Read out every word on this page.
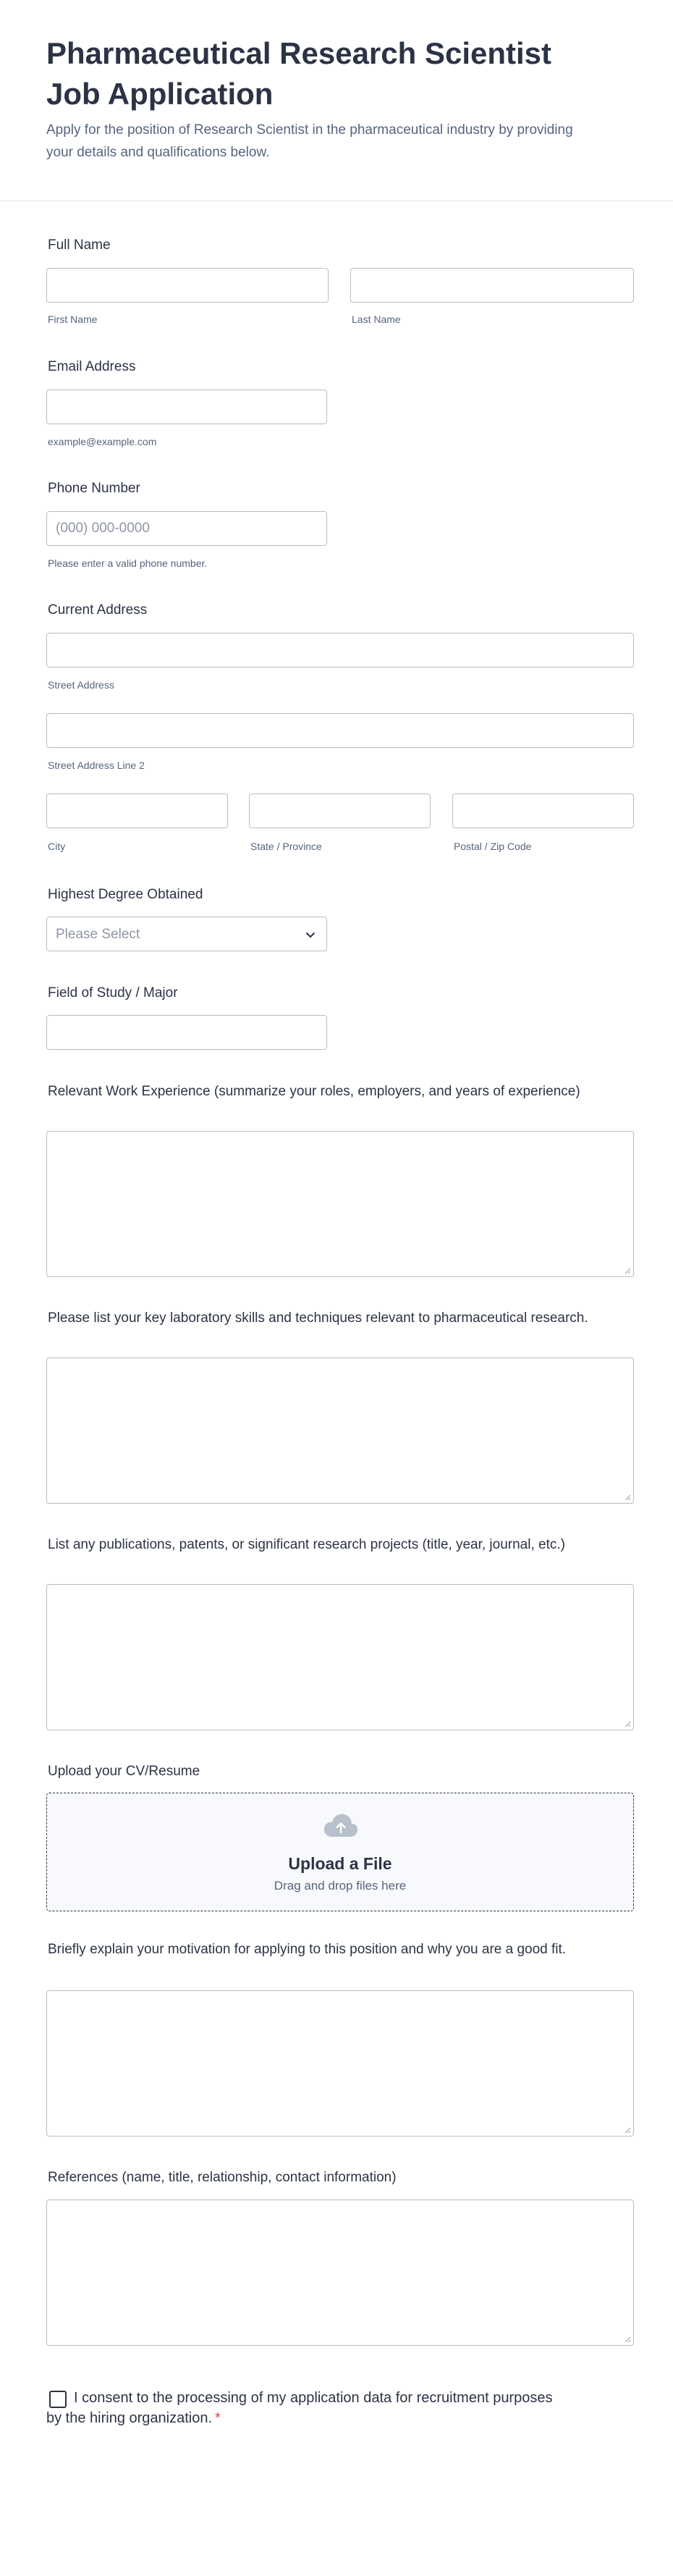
Pharmaceutical Research Scientist Job Application

Apply for the position of Research Scientist in the pharmaceutical industry by providing your details and qualifications below.

Full Name
First Name	Last Name
Email Address
example@example.com
Phone Number
(000) 000-0000
Please enter a valid phone number.
Current Address
Street Address
Street Address Line 2
City	State / Province	Postal / Zip Code
Highest Degree Obtained
Please Select
Field of Study / Major
Relevant Work Experience (summarize your roles, employers, and years of experience)
Please list your key laboratory skills and techniques relevant to pharmaceutical research.
List any publications, patents, or significant research projects (title, year, journal, etc.)
Upload your CV/Resume
Upload a File
Drag and drop files here
Briefly explain your motivation for applying to this position and why you are a good fit.
References (name, title, relationship, contact information)
I consent to the processing of my application data for recruitment purposes by the hiring organization. *
